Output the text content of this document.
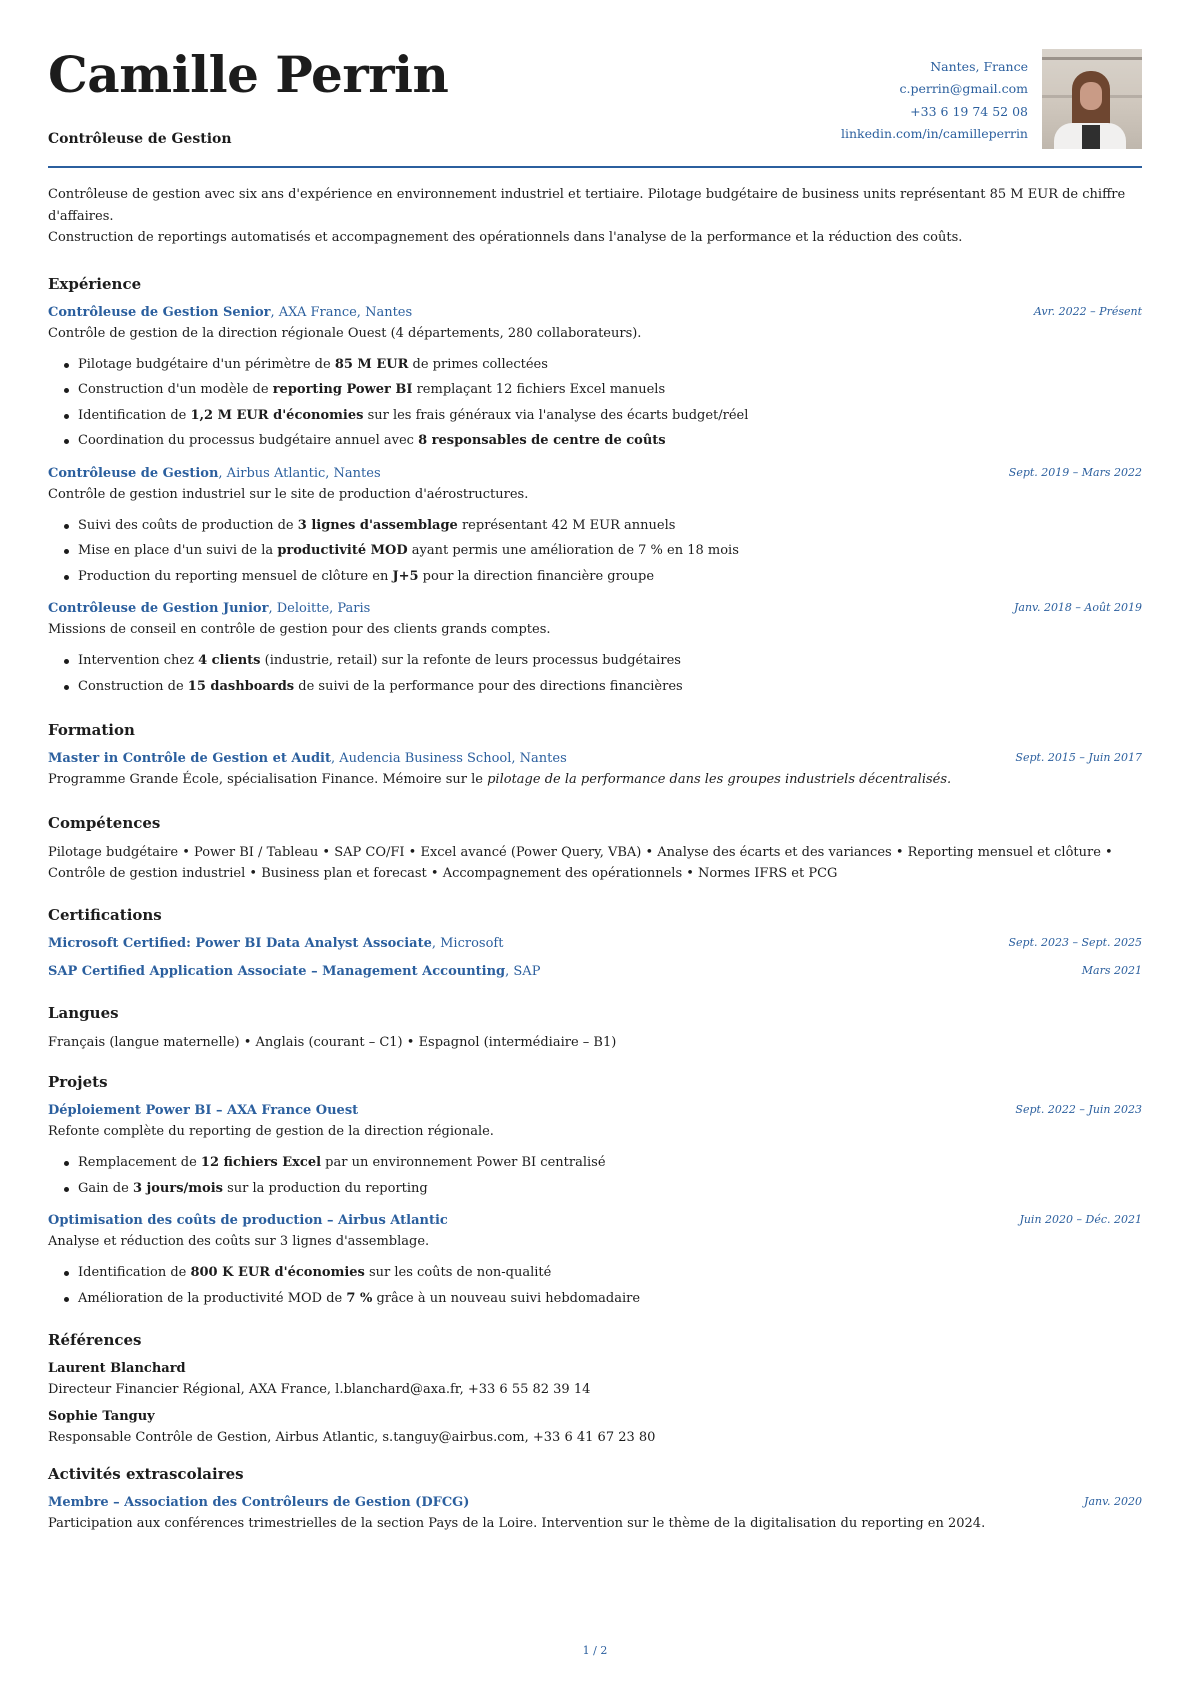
Camille Perrin
Contrôleuse de Gestion
Nantes, France
c.perrin@gmail.com
+33 6 19 74 52 08
linkedin.com/in/camilleperrin
Contrôleuse de gestion avec six ans d'expérience en environnement industriel et tertiaire. Pilotage budgétaire de business units représentant 85 M EUR de chiffre d'affaires.
Construction de reportings automatisés et accompagnement des opérationnels dans l'analyse de la performance et la réduction des coûts.
Expérience
Contrôleuse de Gestion Senior, AXA France, Nantes	Avr. 2022 – Présent
Contrôle de gestion de la direction régionale Ouest (4 départements, 280 collaborateurs).
Pilotage budgétaire d'un périmètre de 85 M EUR de primes collectées
Construction d'un modèle de reporting Power BI remplaçant 12 fichiers Excel manuels
Identification de 1,2 M EUR d'économies sur les frais généraux via l'analyse des écarts budget/réel
Coordination du processus budgétaire annuel avec 8 responsables de centre de coûts
Contrôleuse de Gestion, Airbus Atlantic, Nantes	Sept. 2019 – Mars 2022
Contrôle de gestion industriel sur le site de production d'aérostructures.
Suivi des coûts de production de 3 lignes d'assemblage représentant 42 M EUR annuels
Mise en place d'un suivi de la productivité MOD ayant permis une amélioration de 7 % en 18 mois
Production du reporting mensuel de clôture en J+5 pour la direction financière groupe
Contrôleuse de Gestion Junior, Deloitte, Paris	Janv. 2018 – Août 2019
Missions de conseil en contrôle de gestion pour des clients grands comptes.
Intervention chez 4 clients (industrie, retail) sur la refonte de leurs processus budgétaires
Construction de 15 dashboards de suivi de la performance pour des directions financières
Formation
Master in Contrôle de Gestion et Audit, Audencia Business School, Nantes	Sept. 2015 – Juin 2017
Programme Grande École, spécialisation Finance. Mémoire sur le pilotage de la performance dans les groupes industriels décentralisés.
Compétences
Pilotage budgétaire • Power BI / Tableau • SAP CO/FI • Excel avancé (Power Query, VBA) • Analyse des écarts et des variances • Reporting mensuel et clôture • Contrôle de gestion industriel • Business plan et forecast • Accompagnement des opérationnels • Normes IFRS et PCG
Certifications
Microsoft Certified: Power BI Data Analyst Associate, Microsoft	Sept. 2023 – Sept. 2025
SAP Certified Application Associate – Management Accounting, SAP	Mars 2021
Langues
Français (langue maternelle) • Anglais (courant – C1) • Espagnol (intermédiaire – B1)
Projets
Déploiement Power BI – AXA France Ouest	Sept. 2022 – Juin 2023
Refonte complète du reporting de gestion de la direction régionale.
Remplacement de 12 fichiers Excel par un environnement Power BI centralisé
Gain de 3 jours/mois sur la production du reporting
Optimisation des coûts de production – Airbus Atlantic	Juin 2020 – Déc. 2021
Analyse et réduction des coûts sur 3 lignes d'assemblage.
Identification de 800 K EUR d'économies sur les coûts de non-qualité
Amélioration de la productivité MOD de 7 % grâce à un nouveau suivi hebdomadaire
Références
Laurent Blanchard
Directeur Financier Régional, AXA France, l.blanchard@axa.fr, +33 6 55 82 39 14
Sophie Tanguy
Responsable Contrôle de Gestion, Airbus Atlantic, s.tanguy@airbus.com, +33 6 41 67 23 80
Activités extrascolaires
Membre – Association des Contrôleurs de Gestion (DFCG)	Janv. 2020
Participation aux conférences trimestrielles de la section Pays de la Loire. Intervention sur le thème de la digitalisation du reporting en 2024.
1 / 2
